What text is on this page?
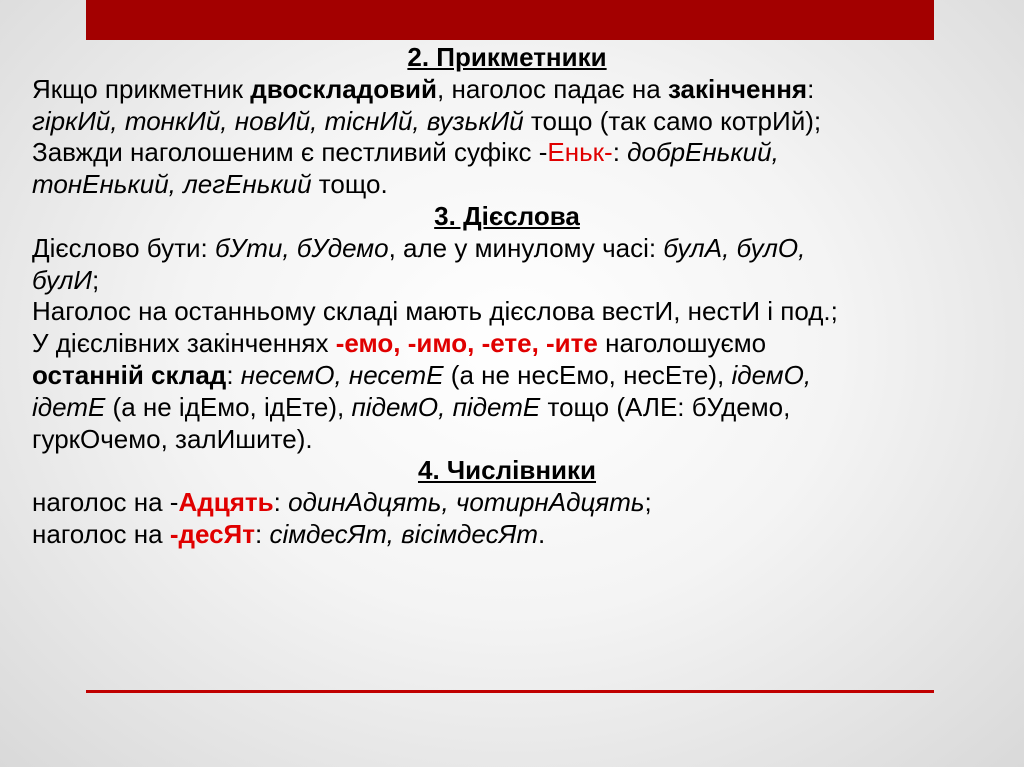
2. Прикметники
Якщо прикметник двоскладовий, наголос падає на закінчення:
гіркИй, тонкИй, новИй, тіснИй, вузькИй тощо (так само котрИй);
Завжди наголошеним є пестливий суфікс -Еньк-: добрЕнький,
тонЕнький, легЕнький тощо.
3. Дієслова
Дієслово бути: бУти, бУдемо, але у минулому часі: булА, булО,
булИ;
Наголос на останньому складі мають дієслова вестИ, нестИ і под.;
У дієслівних закінченнях -емо, -имо, -ете, -ите наголошуємо
останній склад: несемО, несетЕ (а не несЕмо, несЕте), ідемО,
ідетЕ (а не ідЕмо, ідЕте), підемО, підетЕ тощо (АЛЕ: бУдемо,
гуркОчемо, залИшите).
4. Числівники
наголос на -Адцять: одинАдцять, чотирнАдцять;
наголос на -десЯт: сімдесЯт, вісімдесЯт.
